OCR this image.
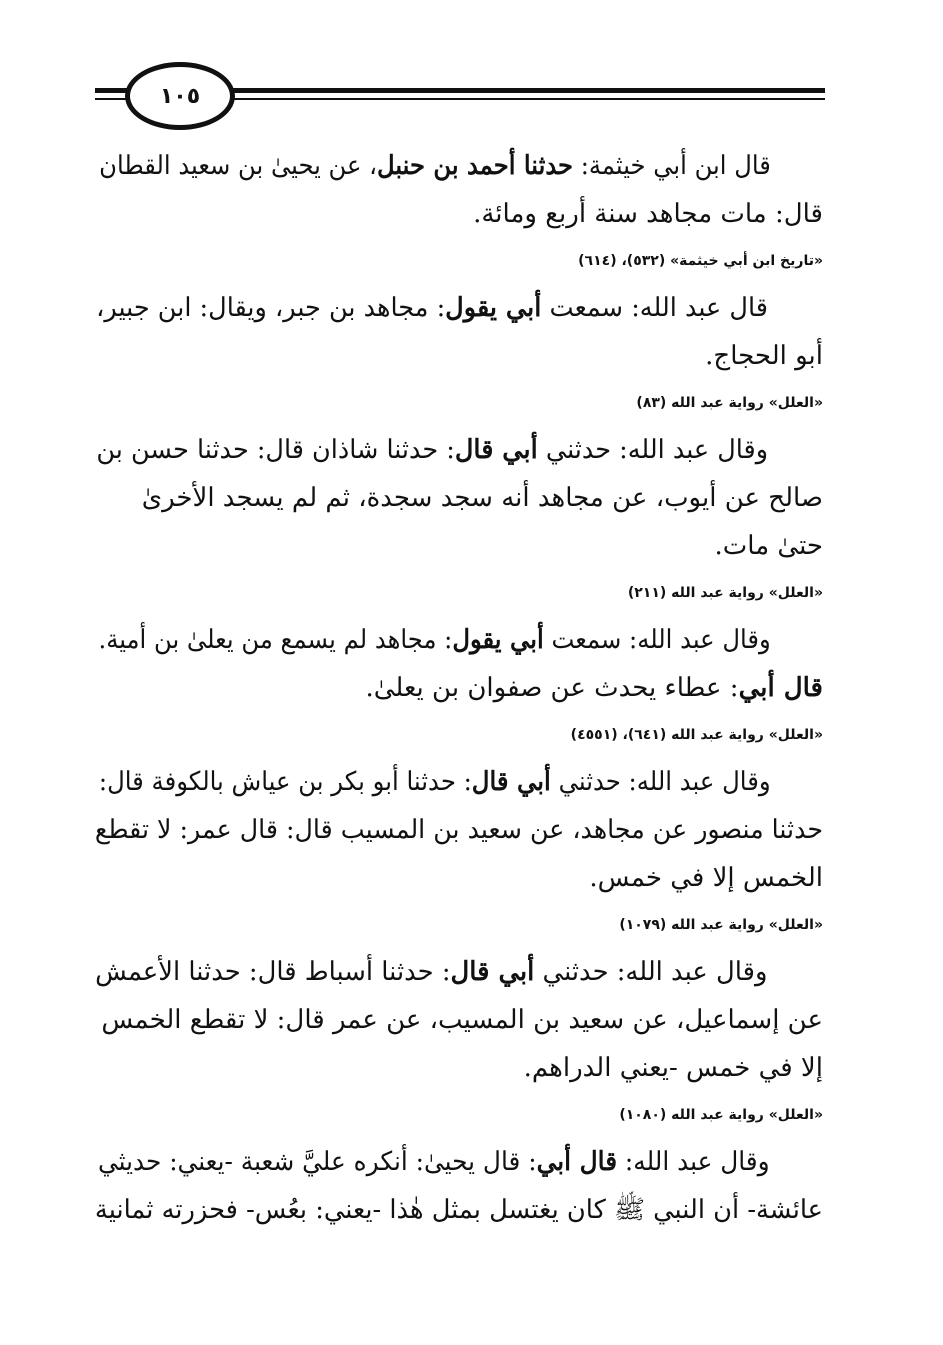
١٠٥
قال ابن أبي خيثمة: حدثنا أحمد بن حنبل، عن يحيىٰ بن سعيد القطان
قال: مات مجاهد سنة أربع ومائة.
«تاريخ ابن أبي خيثمة» (٥٣٢)، (٦١٤)
قال عبد الله: سمعت أبي يقول: مجاهد بن جبر، ويقال: ابن جبير،
أبو الحجاج.
«العلل» رواية عبد الله (٨٣)
وقال عبد الله: حدثني أبي قال: حدثنا شاذان قال: حدثنا حسن بن
صالح عن أيوب، عن مجاهد أنه سجد سجدة، ثم لم يسجد الأخرىٰ
حتىٰ مات.
«العلل» رواية عبد الله (٢١١)
وقال عبد الله: سمعت أبي يقول: مجاهد لم يسمع من يعلىٰ بن أمية.
قال أبي: عطاء يحدث عن صفوان بن يعلىٰ.
«العلل» رواية عبد الله (٦٤١)، (٤٥٥١)
وقال عبد الله: حدثني أبي قال: حدثنا أبو بكر بن عياش بالكوفة قال:
حدثنا منصور عن مجاهد، عن سعيد بن المسيب قال: قال عمر: لا تقطع
الخمس إلا في خمس.
«العلل» رواية عبد الله (١٠٧٩)
وقال عبد الله: حدثني أبي قال: حدثنا أسباط قال: حدثنا الأعمش
عن إسماعيل، عن سعيد بن المسيب، عن عمر قال: لا تقطع الخمس
إلا في خمس -يعني الدراهم.
«العلل» رواية عبد الله (١٠٨٠)
وقال عبد الله: قال أبي: قال يحيىٰ: أنكره عليَّ شعبة -يعني: حديثي
عائشة- أن النبي ﷺ كان يغتسل بمثل هٰذا -يعني: بعُس- فحزرته ثمانية
